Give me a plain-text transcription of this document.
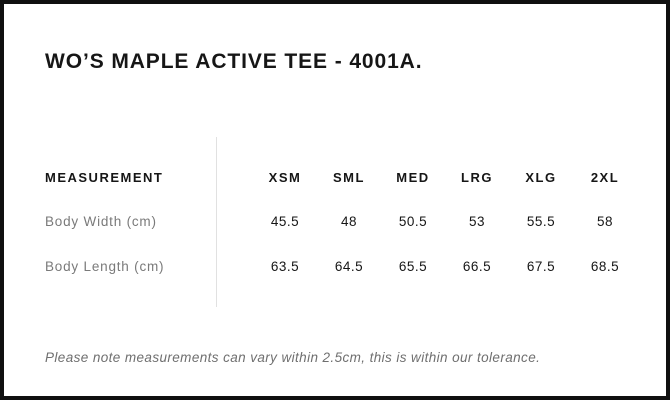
WO’S MAPLE ACTIVE TEE - 4001A.
MEASUREMENT	XSM	SML	MED	LRG	XLG	2XL
Body Width (cm)	45.5	48	50.5	53	55.5	58
Body Length (cm)	63.5	64.5	65.5	66.5	67.5	68.5

Please note measurements can vary within 2.5cm, this is within our tolerance.
